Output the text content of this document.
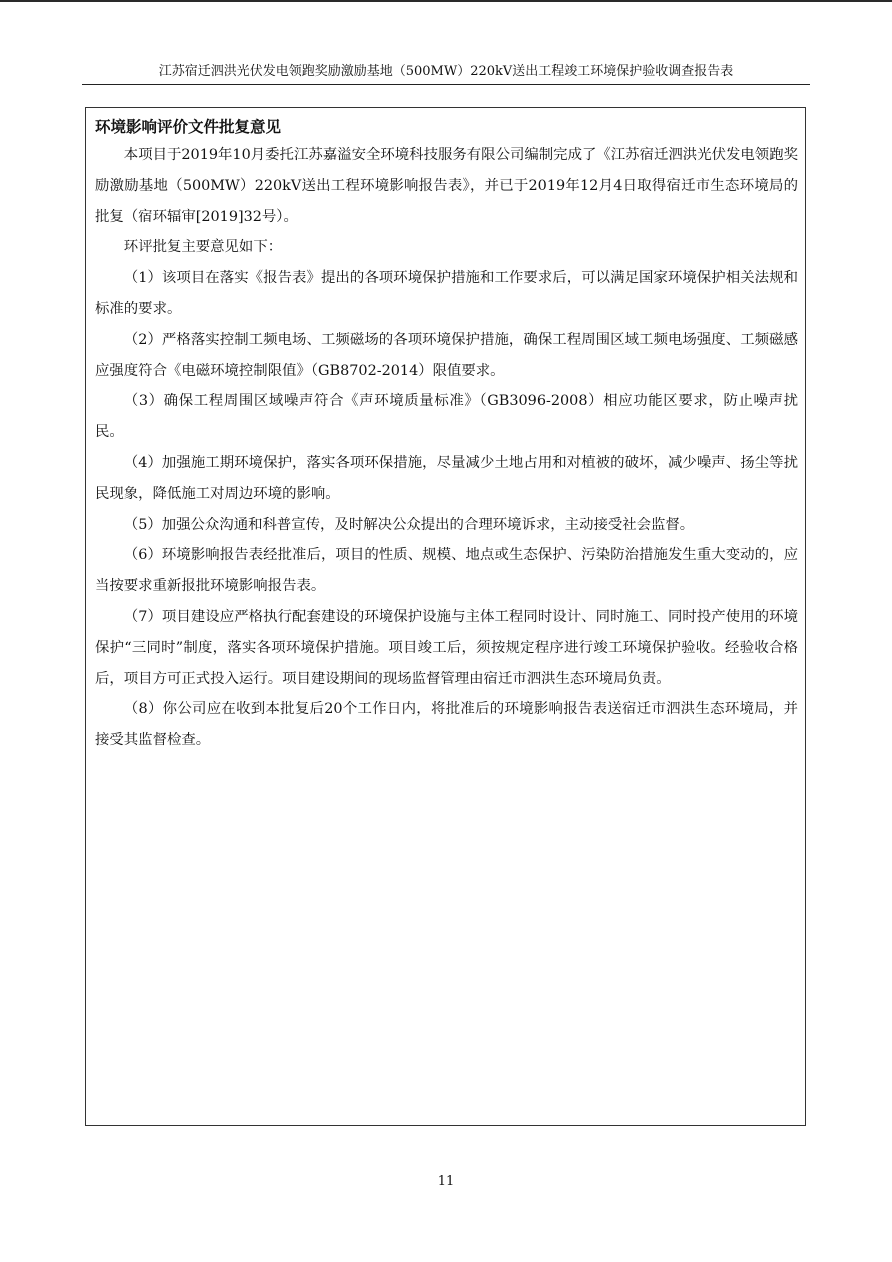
江苏宿迁泗洪光伏发电领跑奖励激励基地（500MW）220kV送出工程竣工环境保护验收调查报告表
环境影响评价文件批复意见

本项目于2019年10月委托江苏嘉溢安全环境科技服务有限公司编制完成了《江苏宿迁泗洪光伏发电领跑奖励激励基地（500MW）220kV送出工程环境影响报告表》，并已于2019年12月4日取得宿迁市生态环境局的批复（宿环辐审[2019]32号）。

环评批复主要意见如下：

（1）该项目在落实《报告表》提出的各项环境保护措施和工作要求后，可以满足国家环境保护相关法规和标准的要求。

（2）严格落实控制工频电场、工频磁场的各项环境保护措施，确保工程周围区域工频电场强度、工频磁感应强度符合《电磁环境控制限值》（GB8702-2014）限值要求。

（3）确保工程周围区域噪声符合《声环境质量标准》（GB3096-2008）相应功能区要求，防止噪声扰民。

（4）加强施工期环境保护，落实各项环保措施，尽量减少土地占用和对植被的破坏，减少噪声、扬尘等扰民现象，降低施工对周边环境的影响。

（5）加强公众沟通和科普宣传，及时解决公众提出的合理环境诉求，主动接受社会监督。

（6）环境影响报告表经批准后，项目的性质、规模、地点或生态保护、污染防治措施发生重大变动的，应当按要求重新报批环境影响报告表。

（7）项目建设应严格执行配套建设的环境保护设施与主体工程同时设计、同时施工、同时投产使用的环境保护“三同时”制度，落实各项环境保护措施。项目竣工后，须按规定程序进行竣工环境保护验收。经验收合格后，项目方可正式投入运行。项目建设期间的现场监督管理由宿迁市泗洪生态环境局负责。

（8）你公司应在收到本批复后20个工作日内，将批准后的环境影响报告表送宿迁市泗洪生态环境局，并接受其监督检查。

11
